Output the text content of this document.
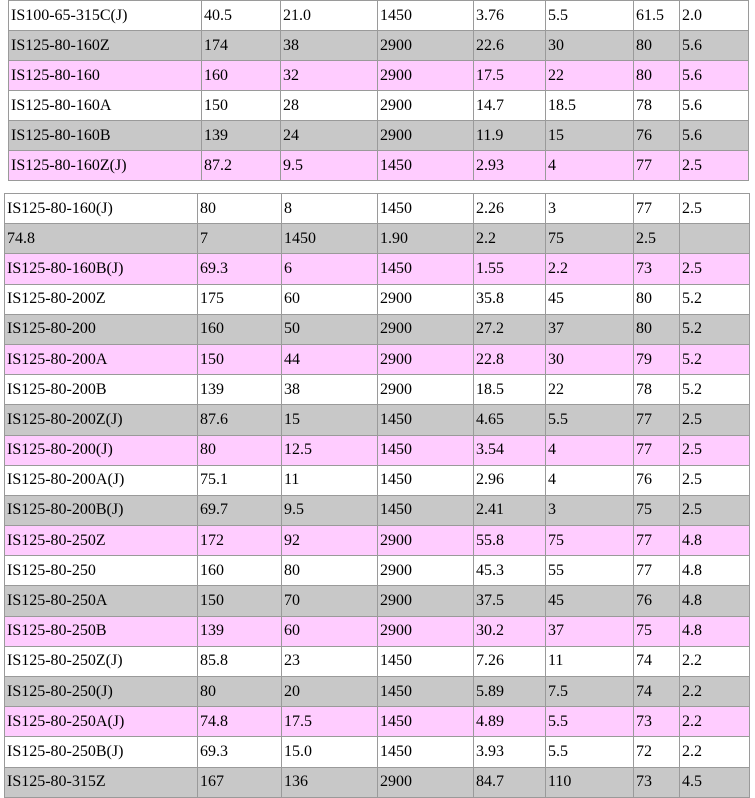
IS100-65-315C(J)	40.5	21.0	1450	3.76	5.5	61.5	2.0
IS125-80-160Z	174	38	2900	22.6	30	80	5.6
IS125-80-160	160	32	2900	17.5	22	80	5.6
IS125-80-160A	150	28	2900	14.7	18.5	78	5.6
IS125-80-160B	139	24	2900	11.9	15	76	5.6
IS125-80-160Z(J)	87.2	9.5	1450	2.93	4	77	2.5
IS125-80-160(J)	80	8	1450	2.26	3	77	2.5
74.8	7	1450	1.90	2.2	75	2.5	
IS125-80-160B(J)	69.3	6	1450	1.55	2.2	73	2.5
IS125-80-200Z	175	60	2900	35.8	45	80	5.2
IS125-80-200	160	50	2900	27.2	37	80	5.2
IS125-80-200A	150	44	2900	22.8	30	79	5.2
IS125-80-200B	139	38	2900	18.5	22	78	5.2
IS125-80-200Z(J)	87.6	15	1450	4.65	5.5	77	2.5
IS125-80-200(J)	80	12.5	1450	3.54	4	77	2.5
IS125-80-200A(J)	75.1	11	1450	2.96	4	76	2.5
IS125-80-200B(J)	69.7	9.5	1450	2.41	3	75	2.5
IS125-80-250Z	172	92	2900	55.8	75	77	4.8
IS125-80-250	160	80	2900	45.3	55	77	4.8
IS125-80-250A	150	70	2900	37.5	45	76	4.8
IS125-80-250B	139	60	2900	30.2	37	75	4.8
IS125-80-250Z(J)	85.8	23	1450	7.26	11	74	2.2
IS125-80-250(J)	80	20	1450	5.89	7.5	74	2.2
IS125-80-250A(J)	74.8	17.5	1450	4.89	5.5	73	2.2
IS125-80-250B(J)	69.3	15.0	1450	3.93	5.5	72	2.2
IS125-80-315Z	167	136	2900	84.7	110	73	4.5
